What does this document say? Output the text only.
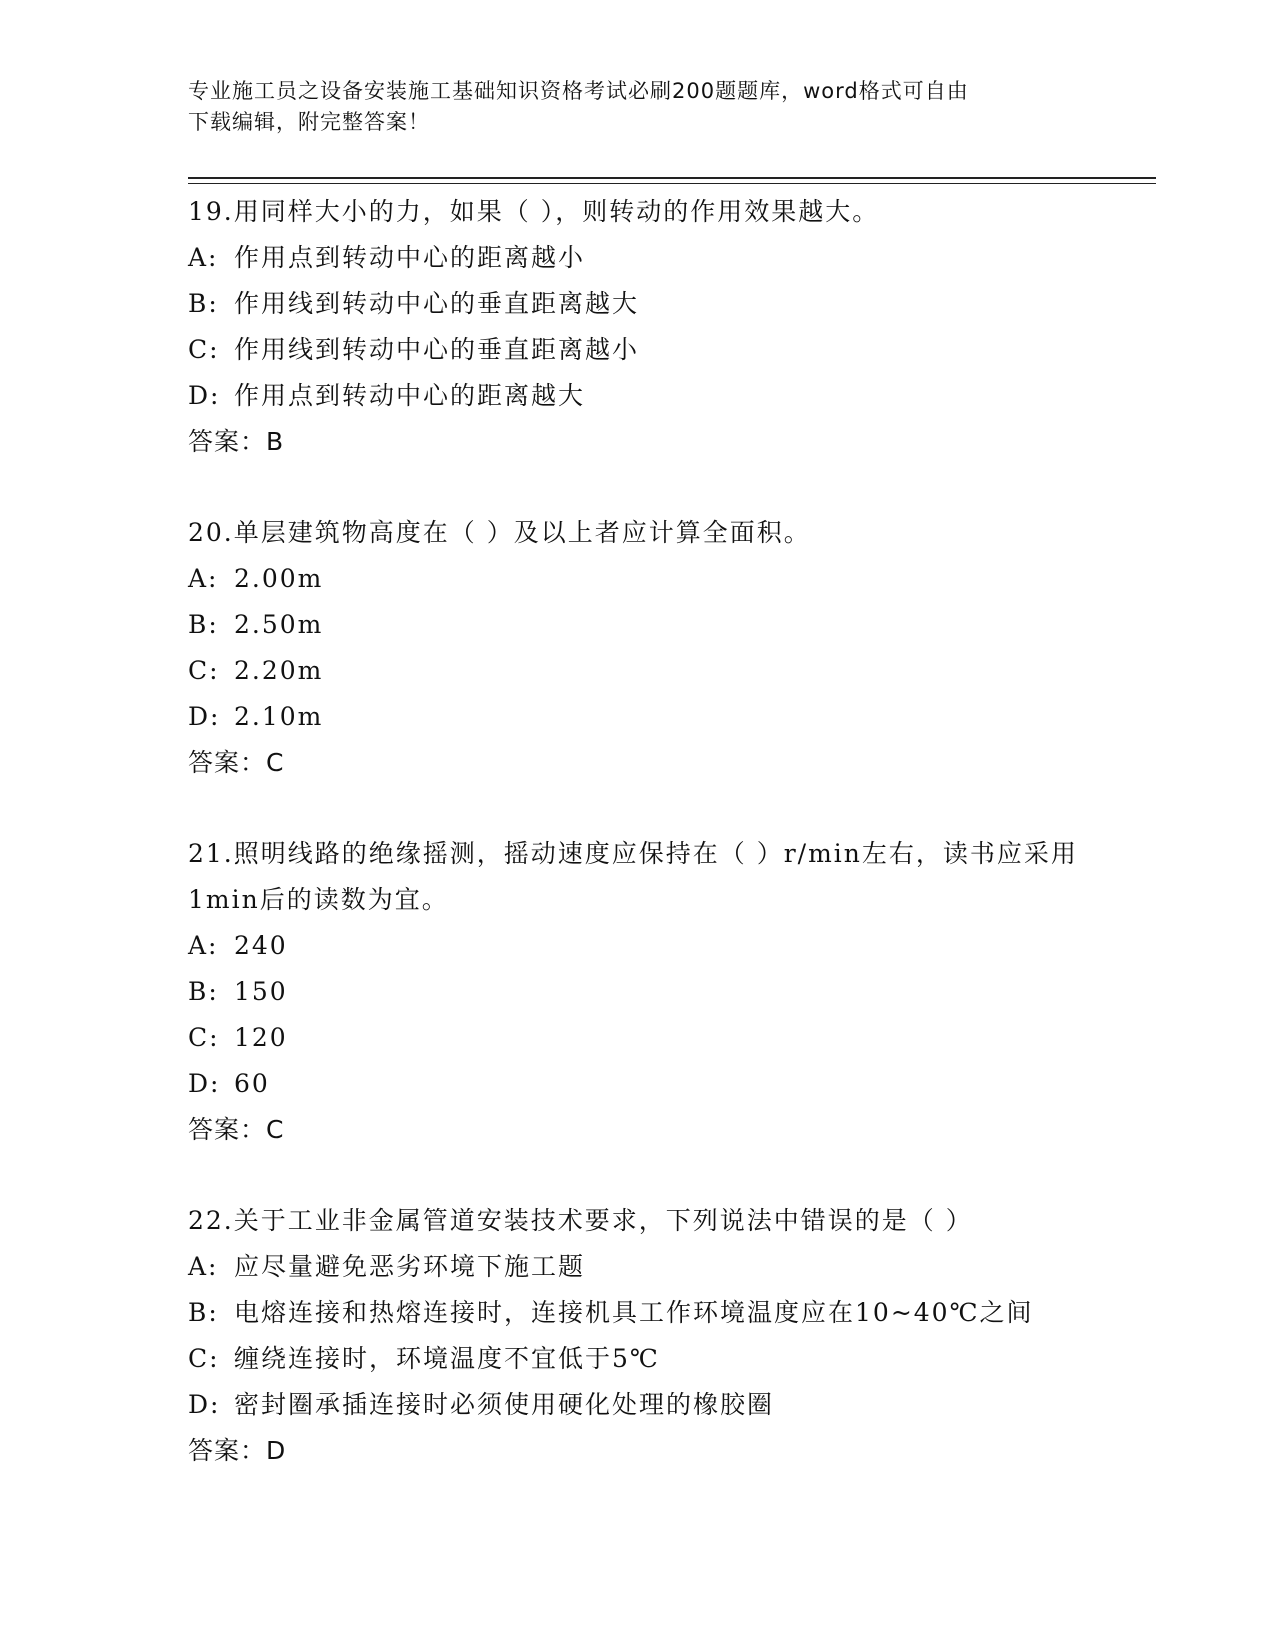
专业施工员之设备安装施工基础知识资格考试必刷200题题库，word格式可自由
下载编辑，附完整答案！
19.用同样大小的力，如果（ ），则转动的作用效果越大。
A: 作用点到转动中心的距离越小
B: 作用线到转动中心的垂直距离越大
C: 作用线到转动中心的垂直距离越小
D: 作用点到转动中心的距离越大
答案：B
20.单层建筑物高度在（ ）及以上者应计算全面积。
A: 2.00m
B: 2.50m
C: 2.20m
D: 2.10m
答案：C
21.照明线路的绝缘摇测，摇动速度应保持在（ ）r/min左右，读书应采用1min后的读数为宜。
A: 240
B: 150
C: 120
D: 60
答案：C
22.关于工业非金属管道安装技术要求，下列说法中错误的是（ ）
A: 应尽量避免恶劣环境下施工题
B: 电熔连接和热熔连接时，连接机具工作环境温度应在10~40℃之间
C: 缠绕连接时，环境温度不宜低于5℃
D: 密封圈承插连接时必须使用硬化处理的橡胶圈
答案：D
